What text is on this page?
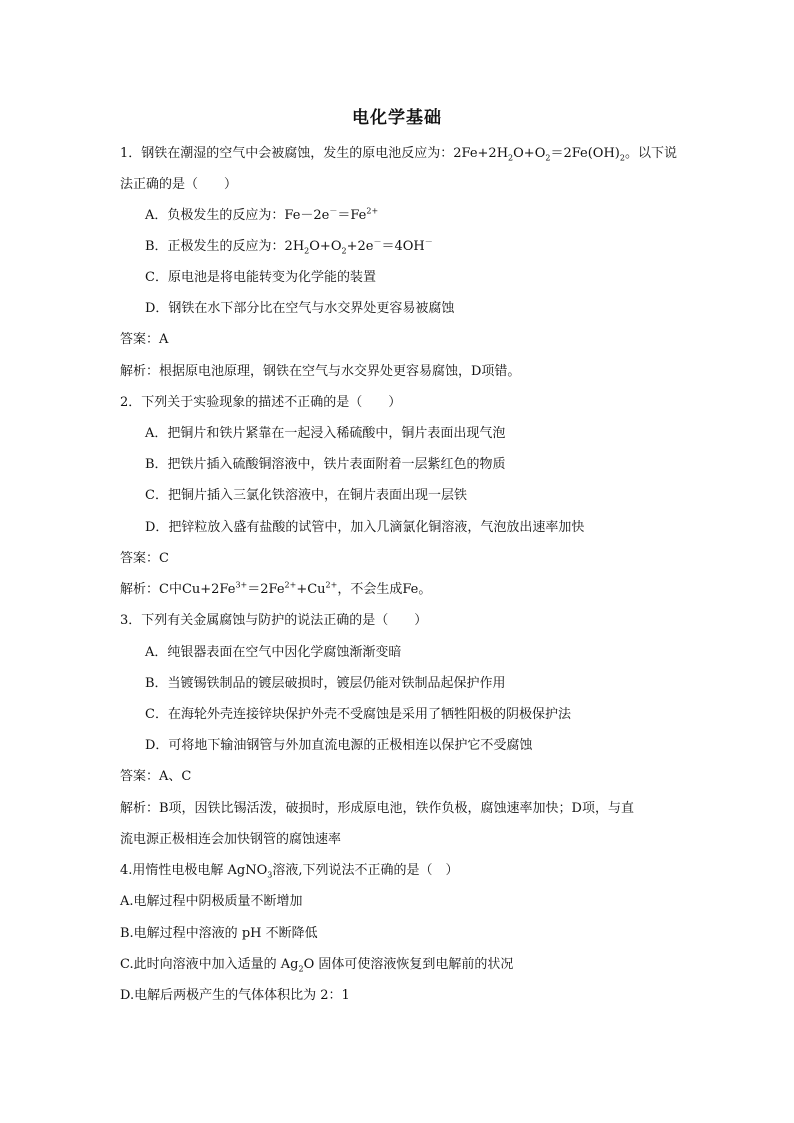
电化学基础
1．钢铁在潮湿的空气中会被腐蚀，发生的原电池反应为：$2Fe+2H_2O+O_2=2Fe(OH)_2$。以下说
法正确的是（　　）
A．负极发生的反应为：$Fe-2e^-=Fe^{2+}$
B．正极发生的反应为：$2H_2O+O_2+2e^-=4OH^-$
C．原电池是将电能转变为化学能的装置
D．钢铁在水下部分比在空气与水交界处更容易被腐蚀
答案：A
解析：根据原电池原理，钢铁在空气与水交界处更容易腐蚀，D项错。
2．下列关于实验现象的描述不正确的是（　　）
A．把铜片和铁片紧靠在一起浸入稀硫酸中，铜片表面出现气泡
B．把铁片插入硫酸铜溶液中，铁片表面附着一层紫红色的物质
C．把铜片插入三氯化铁溶液中，在铜片表面出现一层铁
D．把锌粒放入盛有盐酸的试管中，加入几滴氯化铜溶液，气泡放出速率加快
答案：C
解析：C中$Cu+2Fe^{3+}=2Fe^{2+}+Cu^{2+}$，不会生成Fe。
3．下列有关金属腐蚀与防护的说法正确的是（　　）
A．纯银器表面在空气中因化学腐蚀渐渐变暗
B．当镀锡铁制品的镀层破损时，镀层仍能对铁制品起保护作用
C．在海轮外壳连接锌块保护外壳不受腐蚀是采用了牺牲阳极的阴极保护法
D．可将地下输油钢管与外加直流电源的正极相连以保护它不受腐蚀
答案：A、C
解析：B项，因铁比锡活泼，破损时，形成原电池，铁作负极，腐蚀速率加快；D项，与直
流电源正极相连会加快钢管的腐蚀速率
4.用惰性电极电解 AgNO$_3$溶液,下列说法不正确的是（　）
A.电解过程中阴极质量不断增加
B.电解过程中溶液的 pH 不断降低
C.此时向溶液中加入适量的 $Ag_2O$ 固体可使溶液恢复到电解前的状况
D.电解后两极产生的气体体积比为 2：1
